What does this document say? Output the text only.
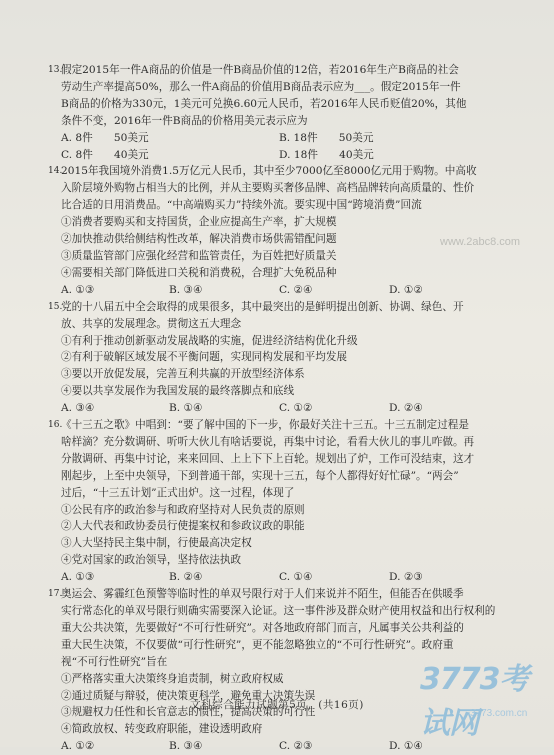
13.
假定2015年一件A商品的价值是一件B商品价值的12倍，若2016年生产B商品的社会
劳动生产率提高50%，那么一件A商品的价值用B商品表示应为___。假定2015年一件
B商品的价格为330元，1美元可兑换6.60元人民币，若2016年人民币贬值20%，其他
条件不变，2016年一件B商品的价格用美元表示应为
A. 8件　　50美元	B. 18件　　50美元
C. 8件　　40美元	D. 18件　　40美元
14.
2015年我国境外消费1.5万亿元人民币，其中至少7000亿至8000亿元用于购物。中高收
入阶层境外购物占相当大的比例，并从主要购买奢侈品牌、高档品牌转向高质量的、性价
比合适的日用消费品。“中高端购买力”持续外流。要实现中国“跨境消费”回流
①消费者要购买和支持国货，企业应提高生产率，扩大规模
②加快推动供给侧结构性改革，解决消费市场供需错配问题
③质量监管部门应强化经营和监管责任，为百姓把好质量关
④需要相关部门降低进口关税和消费税，合理扩大免税品种
A. ①③	B. ③④	C. ②④	D. ①②
15.
党的十八届五中全会取得的成果很多，其中最突出的是鲜明提出创新、协调、绿色、开
放、共享的发展理念。贯彻这五大理念
①有利于推动创新驱动发展战略的实施，促进经济结构优化升级
②有利于破解区域发展不平衡问题，实现同构发展和平均发展
③要以开放促发展，完善互利共赢的开放型经济体系
④要以共享发展作为我国发展的最终落脚点和底线
A. ③④	B. ①④	C. ①②	D. ②④
16.
《十三五之歌》中唱到：“要了解中国的下一步，你最好关注十三五。十三五制定过程是
啥样滴？充分数调研、听听大伙儿有啥话要说，再集中讨论，看看大伙儿的事儿咋做。再
分散调研、再集中讨论，来来回回、上上下下上百轮。规划出了炉，工作可没结束，这才
刚起步，上至中央领导，下到普通干部，实现十三五，每个人都得好好忙碌”。“两会”
过后，“十三五计划”正式出炉。这一过程，体现了
①公民有序的政治参与和政府坚持对人民负责的原则
②人大代表和政协委员行使提案权和参政议政的职能
③人大坚持民主集中制，行使最高决定权
④党对国家的政治领导，坚持依法执政
A. ①③	B. ②④	C. ①④	D. ②③
17.
奥运会、雾霾红色预警等临时性的单双号限行对于人们来说并不陌生，但能否在供暖季
实行常态化的单双号限行则确实需要深入论证。这一事件涉及群众财产使用权益和出行权利的
重大公共决策，先要做好“不可行性研究”。对各地政府部门而言，凡属事关公共利益的
重大民生决策，不仅要做“可行性研究”，更不能忽略独立的“不可行性研究”。政府重
视“不可行性研究”旨在
①严格落实重大决策终身追责制，树立政府权威
②通过质疑与辩驳，使决策更科学，避免重大决策失误
③规避权力任性和长官意志的惯性，提高决策的可行性
④简政放权、转变政府职能，建设透明政府
A. ①②	B. ③④	C. ②③	D. ①④
文科综合能力试题第5页　(共16页)
www.2abc8.com
3773考试网
3773.com.cn
